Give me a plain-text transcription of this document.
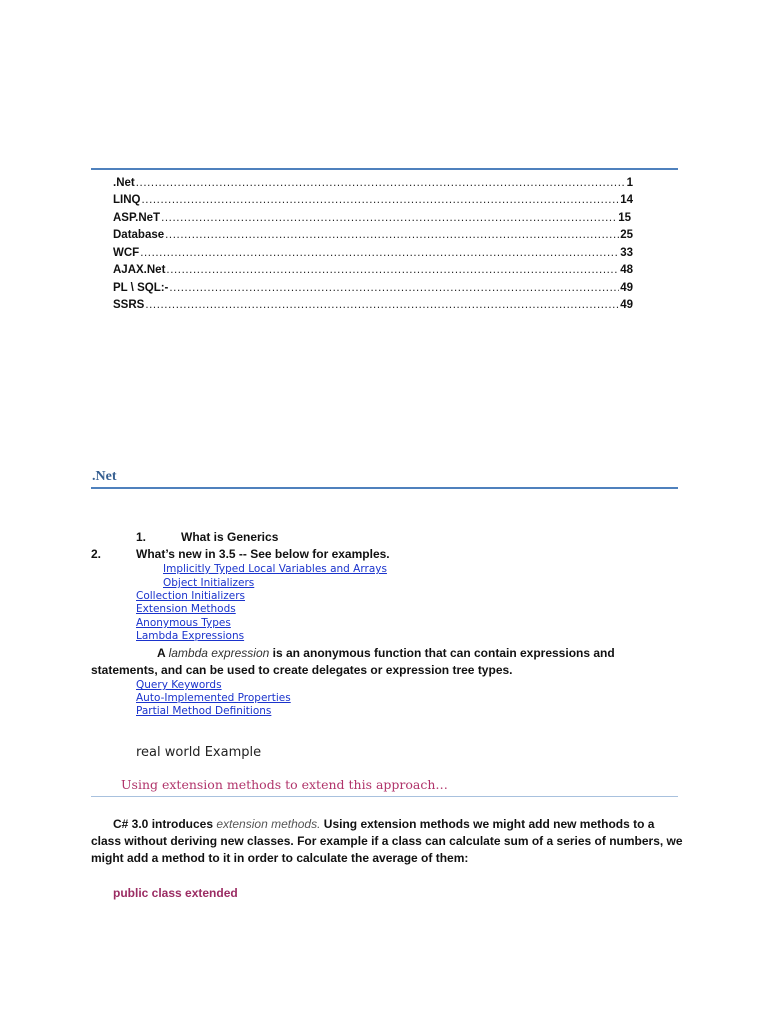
.Net .....	1
LINQ .....	14
ASP.NeT .....	15
Database .....	25
WCF .....	33
AJAX.Net .....	48
PL \ SQL:- .....	49
SSRS .....	49
.Net
1.	What is Generics
2.	What’s new in 3.5 -- See below for examples.
Implicitly Typed Local Variables and Arrays
Object Initializers
Collection Initializers
Extension Methods
Anonymous Types
Lambda Expressions
A lambda expression is an anonymous function that can contain expressions and
statements, and can be used to create delegates or expression tree types.
Query Keywords
Auto-Implemented Properties
Partial Method Definitions
real world Example
Using extension methods to extend this approach…
C# 3.0 introduces extension methods. Using extension methods we might add new methods to a
class without deriving new classes. For example if a class can calculate sum of a series of numbers, we
might add a method to it in order to calculate the average of them:
public class extended
